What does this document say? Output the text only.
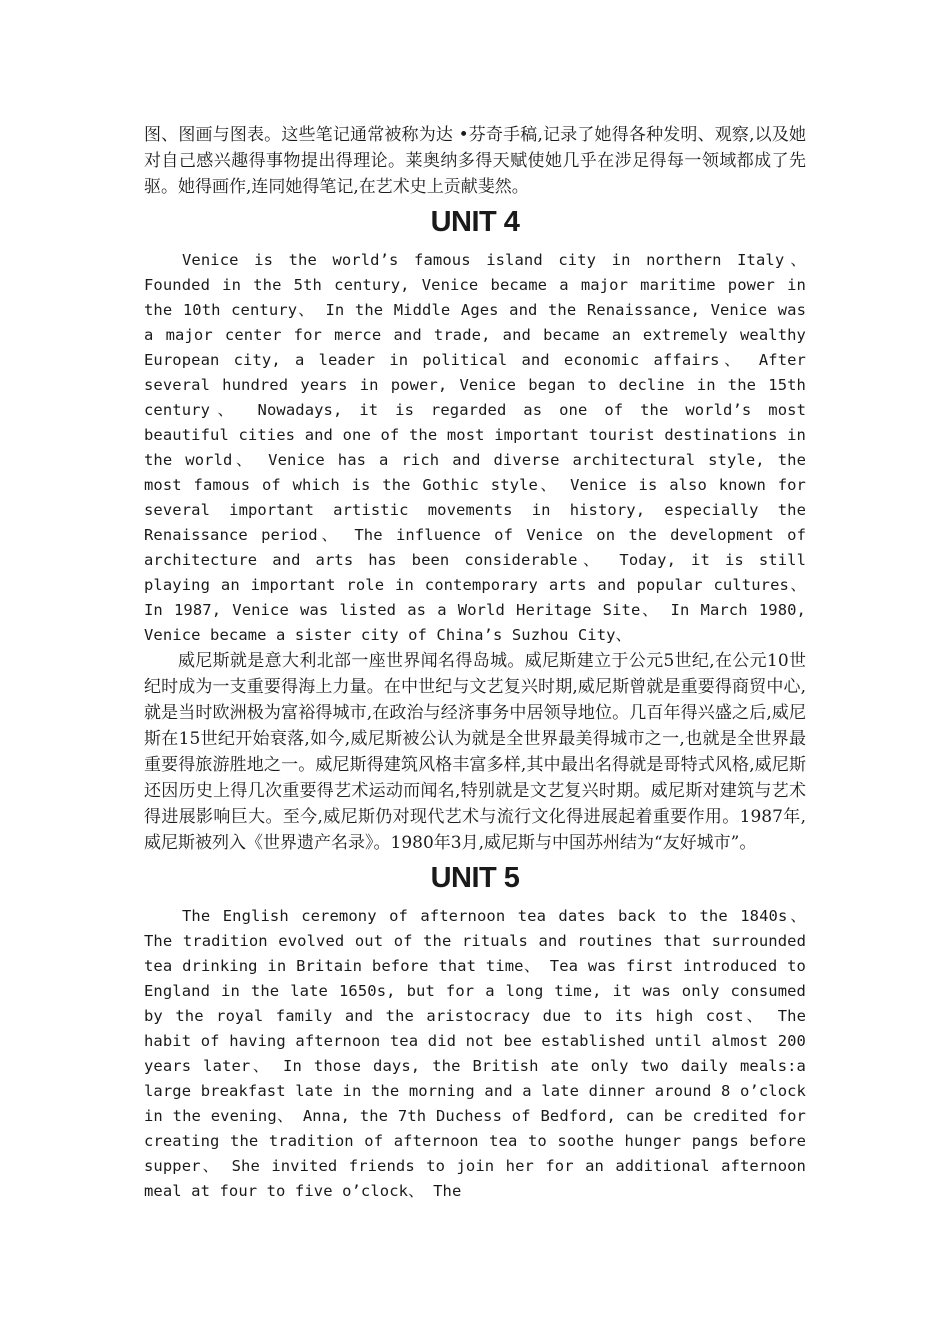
图、图画与图表。这些笔记通常被称为达 •芬奇手稿,记录了她得各种发明、观察,以及她对自己感兴趣得事物提出得理论。莱奥纳多得天赋使她几乎在涉足得每一领域都成了先驱。她得画作,连同她得笔记,在艺术史上贡献斐然。

UNIT 4

Venice is the world’s famous island city in northern Italy、 Founded in the 5th century, Venice became a major maritime power in the 10th century、 In the Middle Ages and the Renaissance, Venice was a major center for merce and trade, and became an extremely wealthy European city, a leader in political and economic affairs、 After several hundred years in power, Venice began to decline in the 15th century、 Nowadays, it is regarded as one of the world’s most beautiful cities and one of the most important tourist destinations in the world、 Venice has a rich and diverse architectural style, the most famous of which is the Gothic style、 Venice is also known for several important artistic movements in history, especially the Renaissance period、 The influence of Venice on the development of architecture and arts has been considerable、 Today, it is still playing an important role in contemporary arts and popular cultures、 In 1987, Venice was listed as a World Heritage Site、 In March 1980, Venice became a sister city of China’s Suzhou City、

威尼斯就是意大利北部一座世界闻名得岛城。威尼斯建立于公元5世纪,在公元10世纪时成为一支重要得海上力量。在中世纪与文艺复兴时期,威尼斯曾就是重要得商贸中心,就是当时欧洲极为富裕得城市,在政治与经济事务中居领导地位。几百年得兴盛之后,威尼斯在15世纪开始衰落,如今,威尼斯被公认为就是全世界最美得城市之一,也就是全世界最重要得旅游胜地之一。威尼斯得建筑风格丰富多样,其中最出名得就是哥特式风格,威尼斯还因历史上得几次重要得艺术运动而闻名,特别就是文艺复兴时期。威尼斯对建筑与艺术得进展影响巨大。至今,威尼斯仍对现代艺术与流行文化得进展起着重要作用。1987年,威尼斯被列入《世界遗产名录》。1980年3月,威尼斯与中国苏州结为“友好城市”。

UNIT 5

The English ceremony of afternoon tea dates back to the 1840s、 The tradition evolved out of the rituals and routines that surrounded tea drinking in Britain before that time、 Tea was first introduced to England in the late 1650s, but for a long time, it was only consumed by the royal family and the aristocracy due to its high cost、 The habit of having afternoon tea did not bee established until almost 200 years later、 In those days, the British ate only two daily meals:a large breakfast late in the morning and a late dinner around 8 o’clock in the evening、 Anna, the 7th Duchess of Bedford, can be credited for creating the tradition of afternoon tea to soothe hunger pangs before supper、 She invited friends to join her for an additional afternoon meal at four to five o’clock、 The
